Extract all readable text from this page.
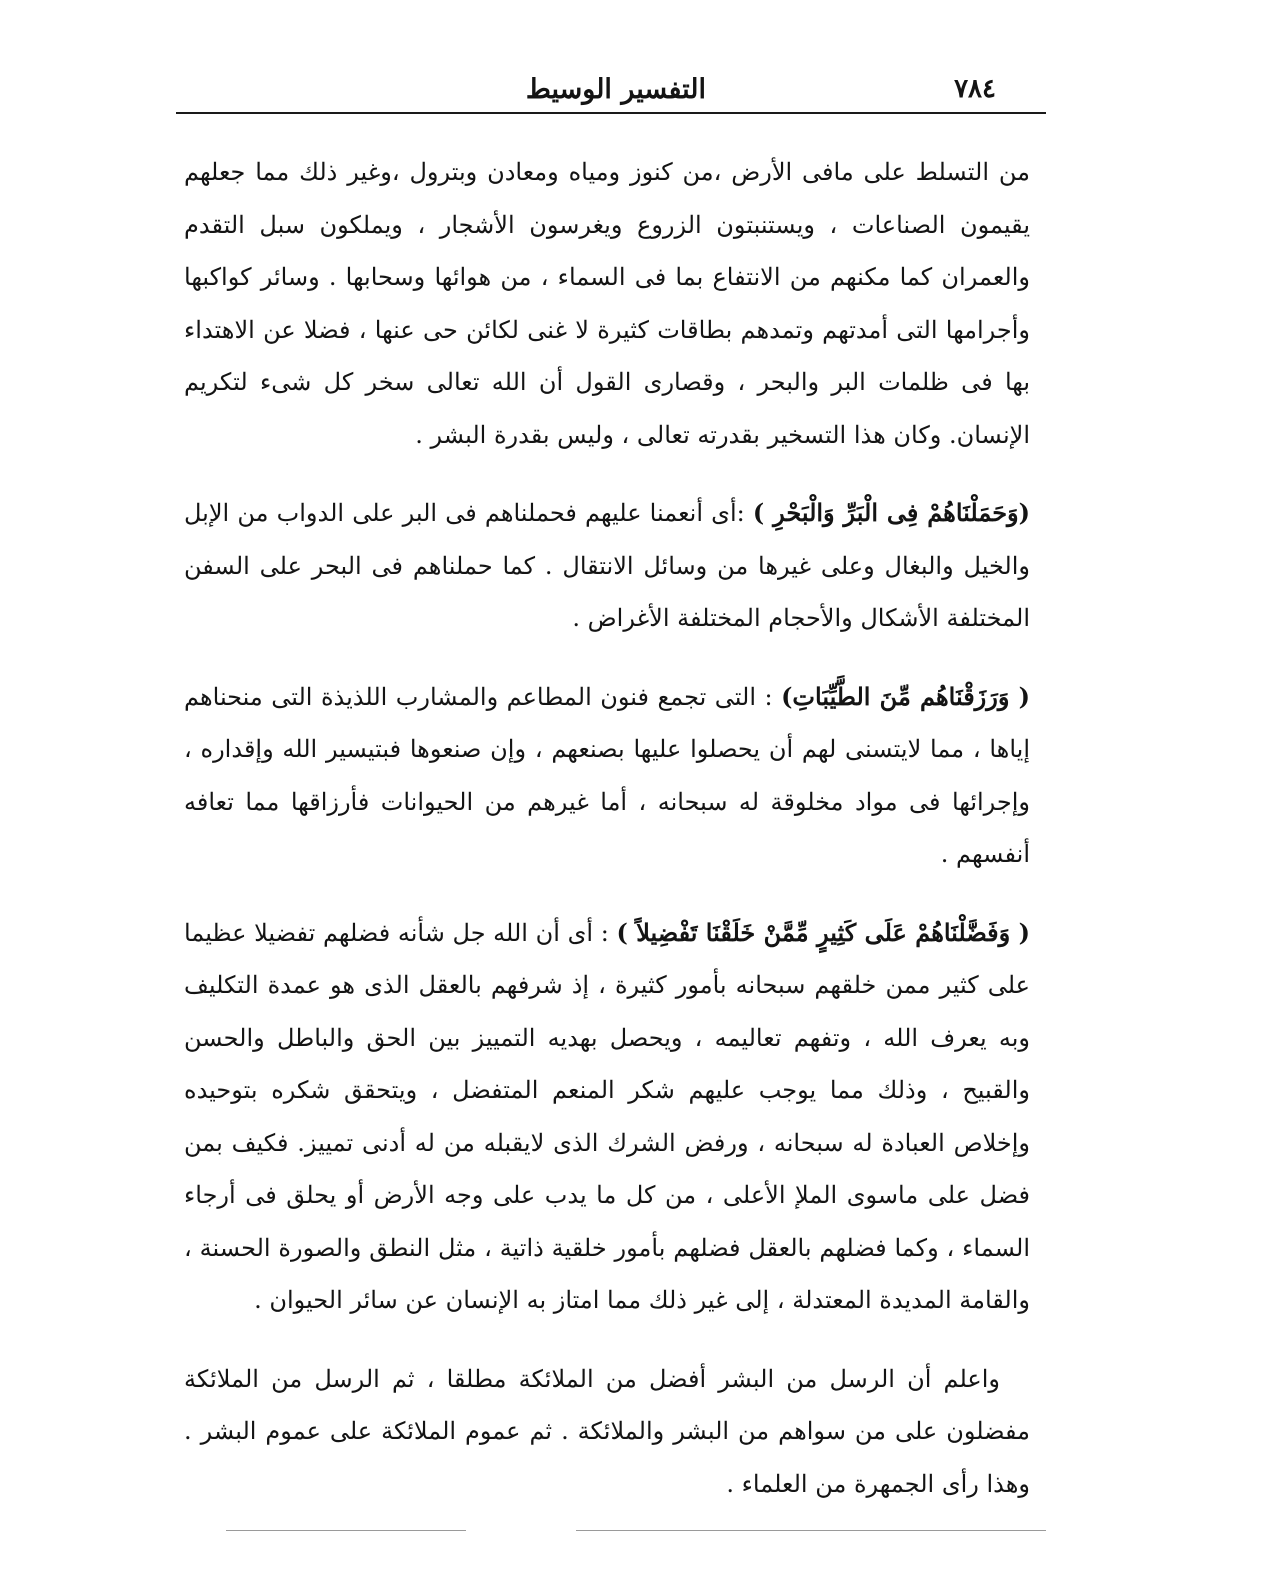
٧٨٤
التفسير الوسيط

من التسلط على مافى الأرض ،من كنوز ومياه ومعادن وبترول ،وغير ذلك مما جعلهم يقيمون الصناعات ، ويستنبتون الزروع ويغرسون الأشجار ، ويملكون سبل التقدم والعمران كما مكنهم من الانتفاع بما فى السماء ، من هوائها وسحابها . وسائر كواكبها وأجرامها التى أمدتهم وتمدهم بطاقات كثيرة لا غنى لكائن حى عنها ، فضلا عن الاهتداء بها فى ظلمات البر والبحر ، وقصارى القول أن الله تعالى سخر كل شىء لتكريم الإنسان. وكان هذا التسخير بقدرته تعالى ، وليس بقدرة البشر .

(وَحَمَلْنَاهُمْ فِى الْبَرِّ وَالْبَحْرِ ) :أى أنعمنا عليهم فحملناهم فى البر على الدواب من الإبل والخيل والبغال وعلى غيرها من وسائل الانتقال . كما حملناهم فى البحر على السفن المختلفة الأشكال والأحجام المختلفة الأغراض .

( وَرَزَقْنَاهُم مِّنَ الطَّيِّبَاتِ) : التى تجمع فنون المطاعم والمشارب اللذيذة التى منحناهم إياها ، مما لايتسنى لهم أن يحصلوا عليها بصنعهم ، وإن صنعوها فبتيسير الله وإقداره ، وإجرائها فى مواد مخلوقة له سبحانه ، أما غيرهم من الحيوانات فأرزاقها مما تعافه أنفسهم .

( وَفَضَّلْنَاهُمْ عَلَى كَثِيرٍ مِّمَّنْ خَلَقْنَا تَفْضِيلاً ) : أى أن الله جل شأنه فضلهم تفضيلا عظيما على كثير ممن خلقهم سبحانه بأمور كثيرة ، إذ شرفهم بالعقل الذى هو عمدة التكليف وبه يعرف الله ، وتفهم تعاليمه ، ويحصل بهديه التمييز بين الحق والباطل والحسن والقبيح ، وذلك مما يوجب عليهم شكر المنعم المتفضل ، ويتحقق شكره بتوحيده وإخلاص العبادة له سبحانه ، ورفض الشرك الذى لايقبله من له أدنى تمييز. فكيف بمن فضل على ماسوى الملإ الأعلى ، من كل ما يدب على وجه الأرض أو يحلق فى أرجاء السماء ، وكما فضلهم بالعقل فضلهم بأمور خلقية ذاتية ، مثل النطق والصورة الحسنة ، والقامة المديدة المعتدلة ، إلى غير ذلك مما امتاز به الإنسان عن سائر الحيوان .

واعلم أن الرسل من البشر أفضل من الملائكة مطلقا ، ثم الرسل من الملائكة مفضلون على من سواهم من البشر والملائكة . ثم عموم الملائكة على عموم البشر . وهذا رأى الجمهرة من العلماء .
